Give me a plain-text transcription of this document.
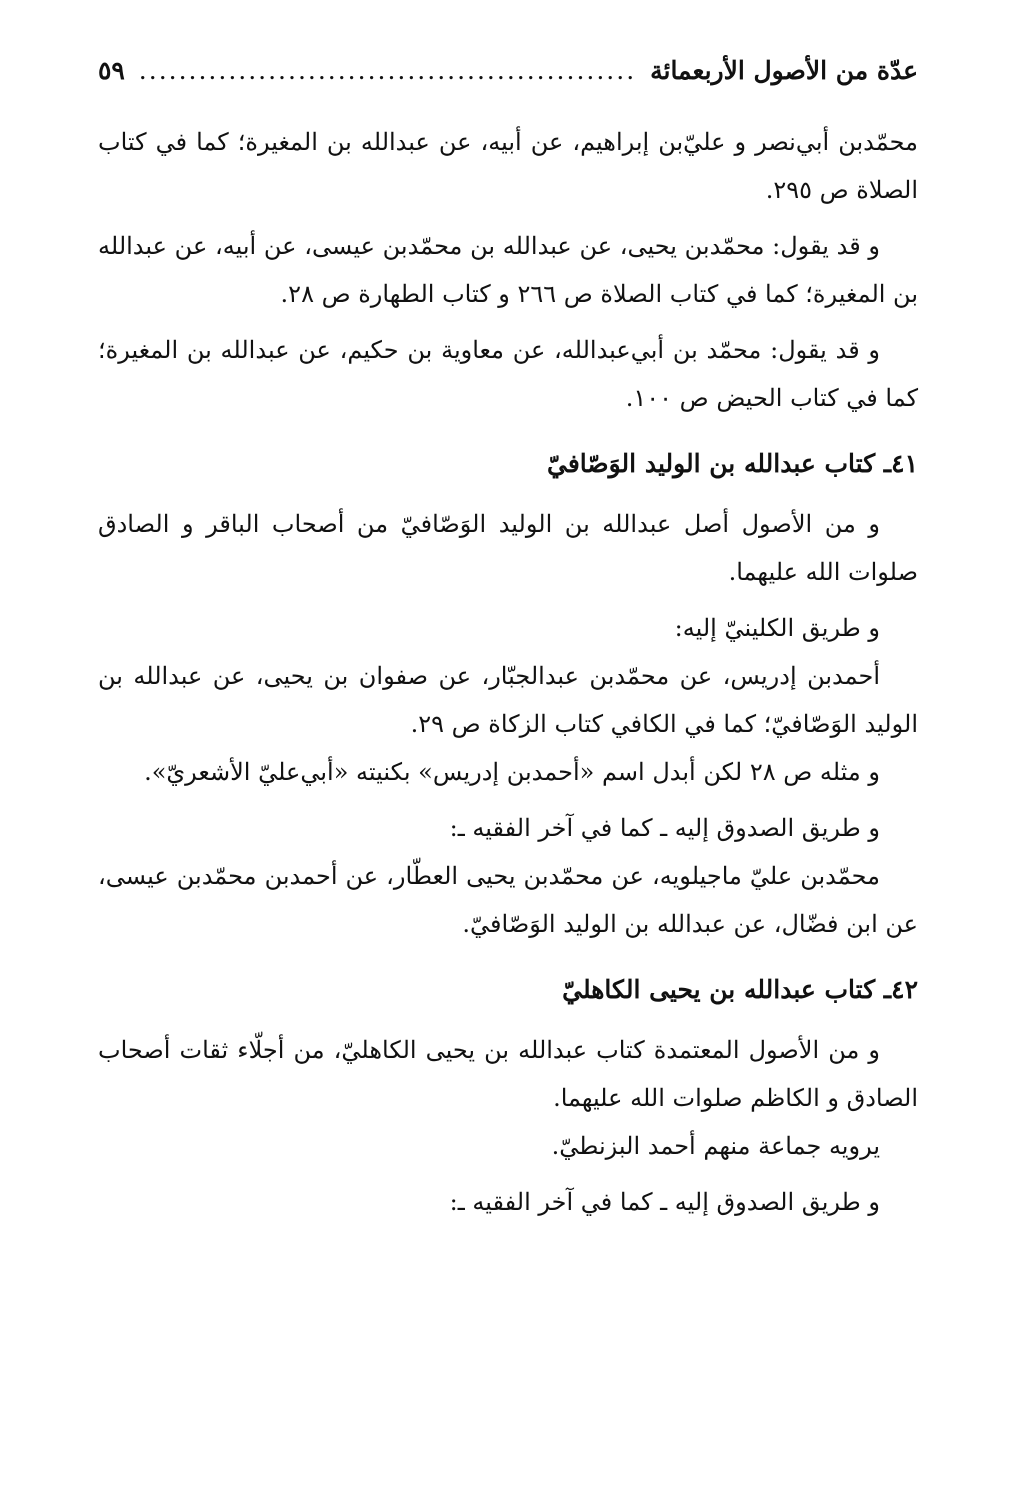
عدّة من الأصول الأربعمائة
..................................................
٥٩

محمّدبن أبي‌نصر و عليّ‌بن إبراهيم، عن أبيه، عن عبدالله بن المغيرة؛ كما في كتاب الصلاة ص ٢٩٥.

و قد يقول: محمّدبن يحيى، عن عبدالله بن محمّدبن عيسى، عن أبيه، عن عبدالله بن المغيرة؛ كما في كتاب الصلاة ص ٢٦٦ و كتاب الطهارة ص ٢٨.

و قد يقول: محمّد بن أبي‌عبدالله، عن معاوية بن حكيم، عن عبدالله بن المغيرة؛ كما في كتاب الحيض ص ١٠٠.

٤١ـ كتاب عبدالله بن الوليد الوَصّافيّ

و من الأصول أصل عبدالله بن الوليد الوَصّافيّ من أصحاب الباقر و الصادق صلوات الله عليهما.

و طريق الكلينيّ إليه:

أحمدبن إدريس، عن محمّدبن عبدالجبّار، عن صفوان بن يحيى، عن عبدالله بن الوليد الوَصّافيّ؛ كما في الكافي كتاب الزكاة ص ٢٩.

و مثله ص ٢٨ لكن أبدل اسم «أحمدبن إدريس» بكنيته «أبي‌عليّ الأشعريّ».

و طريق الصدوق إليه ـ كما في آخر الفقيه ـ:

محمّدبن عليّ ماجيلويه، عن محمّدبن يحيى العطّار، عن أحمدبن محمّدبن عيسى، عن ابن فضّال، عن عبدالله بن الوليد الوَصّافيّ.

٤٢ـ كتاب عبدالله بن يحيى الكاهليّ

و من الأصول المعتمدة كتاب عبدالله بن يحيى الكاهليّ، من أجلّاء ثقات أصحاب الصادق و الكاظم صلوات الله عليهما.

يرويه جماعة منهم أحمد البزنطيّ.

و طريق الصدوق إليه ـ كما في آخر الفقيه ـ:
